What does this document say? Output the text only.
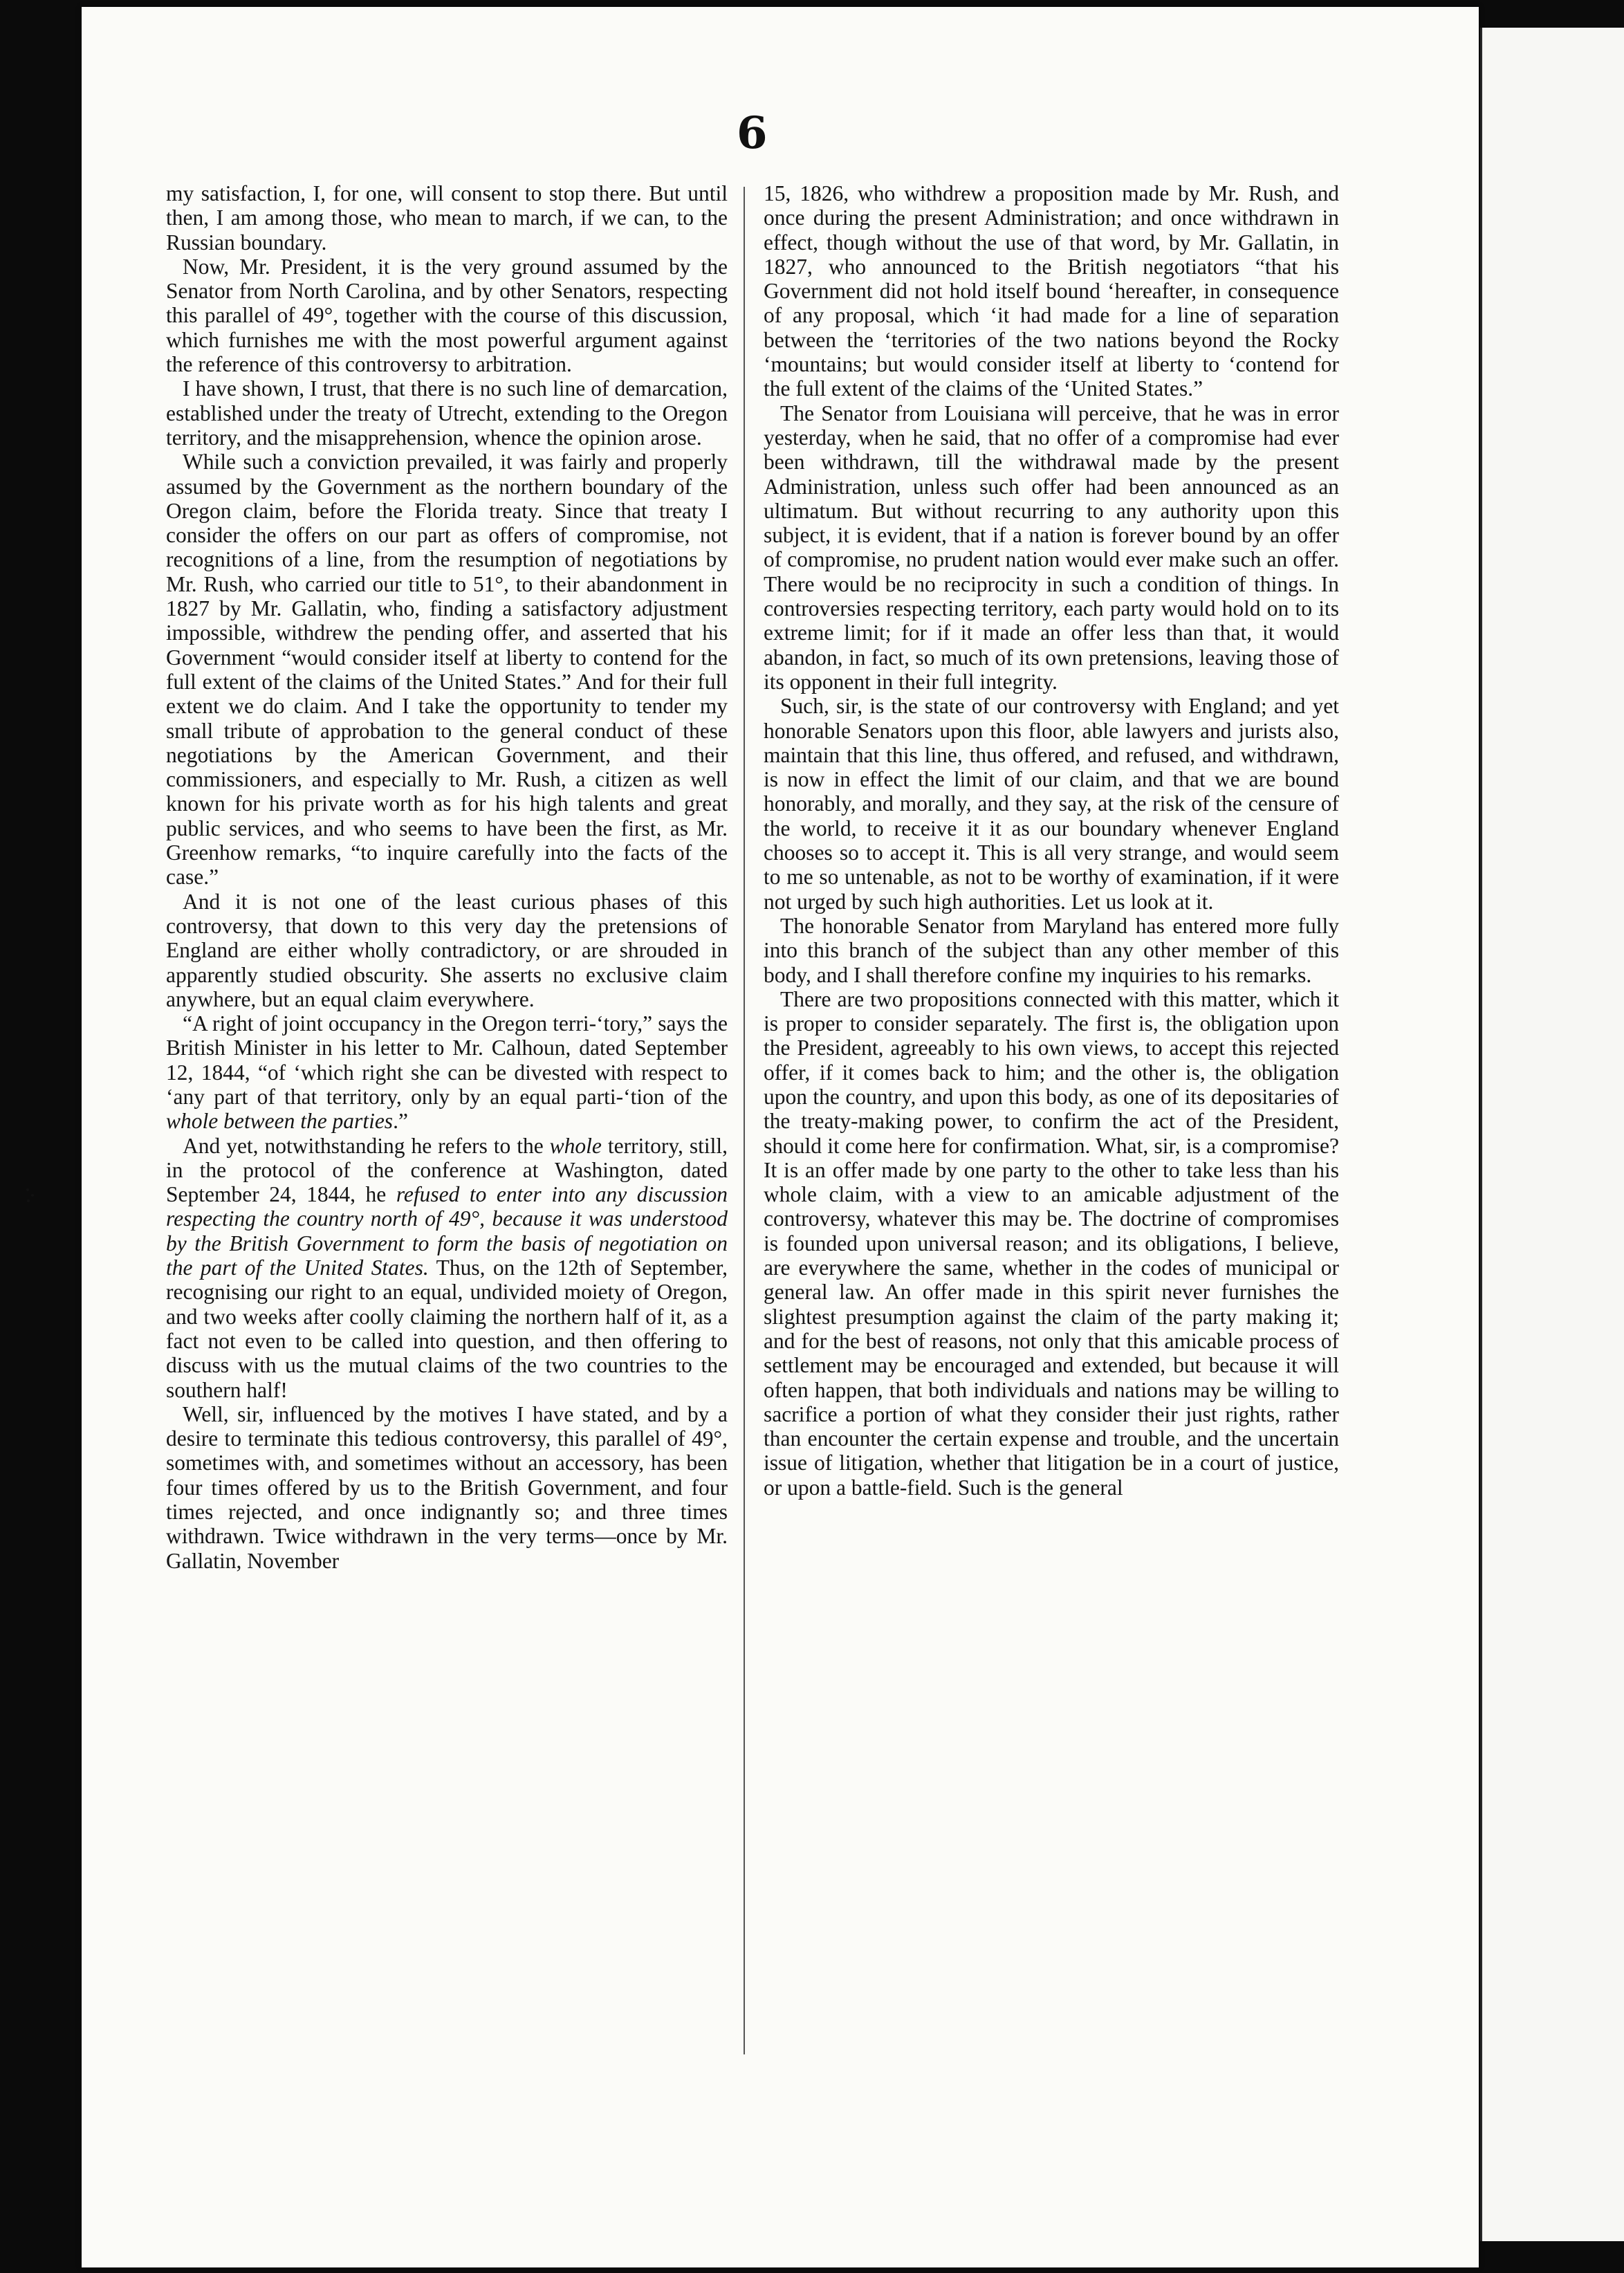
6

my satisfaction, I, for one, will consent to stop there. But until then, I am among those, who mean to march, if we can, to the Russian boundary.

Now, Mr. President, it is the very ground assumed by the Senator from North Carolina, and by other Senators, respecting this parallel of 49°, together with the course of this discussion, which furnishes me with the most powerful argument against the reference of this controversy to arbitration.

I have shown, I trust, that there is no such line of demarcation, established under the treaty of Utrecht, extending to the Oregon territory, and the misapprehension, whence the opinion arose.

While such a conviction prevailed, it was fairly and properly assumed by the Government as the northern boundary of the Oregon claim, before the Florida treaty. Since that treaty I consider the offers on our part as offers of compromise, not recognitions of a line, from the resumption of negotiations by Mr. Rush, who carried our title to 51°, to their abandonment in 1827 by Mr. Gallatin, who, finding a satisfactory adjustment impossible, withdrew the pending offer, and asserted that his Government “would consider itself at liberty to contend for the full extent of the claims of the United States.” And for their full extent we do claim. And I take the opportunity to tender my small tribute of approbation to the general conduct of these negotiations by the American Government, and their commissioners, and especially to Mr. Rush, a citizen as well known for his private worth as for his high talents and great public services, and who seems to have been the first, as Mr. Greenhow remarks, “to inquire carefully into the facts of the case.”

And it is not one of the least curious phases of this controversy, that down to this very day the pretensions of England are either wholly contradictory, or are shrouded in apparently studied obscurity. She asserts no exclusive claim anywhere, but an equal claim everywhere.

“A right of joint occupancy in the Oregon terri-‘tory,” says the British Minister in his letter to Mr. Calhoun, dated September 12, 1844, “of ‘which right she can be divested with respect to ‘any part of that territory, only by an equal parti-‘tion of the whole between the parties.”

And yet, notwithstanding he refers to the whole territory, still, in the protocol of the conference at Washington, dated September 24, 1844, he refused to enter into any discussion respecting the country north of 49°, because it was understood by the British Government to form the basis of negotiation on the part of the United States. Thus, on the 12th of September, recognising our right to an equal, undivided moiety of Oregon, and two weeks after coolly claiming the northern half of it, as a fact not even to be called into question, and then offering to discuss with us the mutual claims of the two countries to the southern half!

Well, sir, influenced by the motives I have stated, and by a desire to terminate this tedious controversy, this parallel of 49°, sometimes with, and sometimes without an accessory, has been four times offered by us to the British Government, and four times rejected, and once indignantly so; and three times withdrawn. Twice withdrawn in the very terms—once by Mr. Gallatin, November

15, 1826, who withdrew a proposition made by Mr. Rush, and once during the present Administration; and once withdrawn in effect, though without the use of that word, by Mr. Gallatin, in 1827, who announced to the British negotiators “that his Government did not hold itself bound ‘hereafter, in consequence of any proposal, which ‘it had made for a line of separation between the ‘territories of the two nations beyond the Rocky ‘mountains; but would consider itself at liberty to ‘contend for the full extent of the claims of the ‘United States.”

The Senator from Louisiana will perceive, that he was in error yesterday, when he said, that no offer of a compromise had ever been withdrawn, till the withdrawal made by the present Administration, unless such offer had been announced as an ultimatum. But without recurring to any authority upon this subject, it is evident, that if a nation is forever bound by an offer of compromise, no prudent nation would ever make such an offer. There would be no reciprocity in such a condition of things. In controversies respecting territory, each party would hold on to its extreme limit; for if it made an offer less than that, it would abandon, in fact, so much of its own pretensions, leaving those of its opponent in their full integrity.

Such, sir, is the state of our controversy with England; and yet honorable Senators upon this floor, able lawyers and jurists also, maintain that this line, thus offered, and refused, and withdrawn, is now in effect the limit of our claim, and that we are bound honorably, and morally, and they say, at the risk of the censure of the world, to receive it it as our boundary whenever England chooses so to accept it. This is all very strange, and would seem to me so untenable, as not to be worthy of examination, if it were not urged by such high authorities. Let us look at it.

The honorable Senator from Maryland has entered more fully into this branch of the subject than any other member of this body, and I shall therefore confine my inquiries to his remarks.

There are two propositions connected with this matter, which it is proper to consider separately. The first is, the obligation upon the President, agreeably to his own views, to accept this rejected offer, if it comes back to him; and the other is, the obligation upon the country, and upon this body, as one of its depositaries of the treaty-making power, to confirm the act of the President, should it come here for confirmation. What, sir, is a compromise? It is an offer made by one party to the other to take less than his whole claim, with a view to an amicable adjustment of the controversy, whatever this may be. The doctrine of compromises is founded upon universal reason; and its obligations, I believe, are everywhere the same, whether in the codes of municipal or general law. An offer made in this spirit never furnishes the slightest presumption against the claim of the party making it; and for the best of reasons, not only that this amicable process of settlement may be encouraged and extended, but because it will often happen, that both individuals and nations may be willing to sacrifice a portion of what they consider their just rights, rather than encounter the certain expense and trouble, and the uncertain issue of litigation, whether that litigation be in a court of justice, or upon a battle-field. Such is the general
